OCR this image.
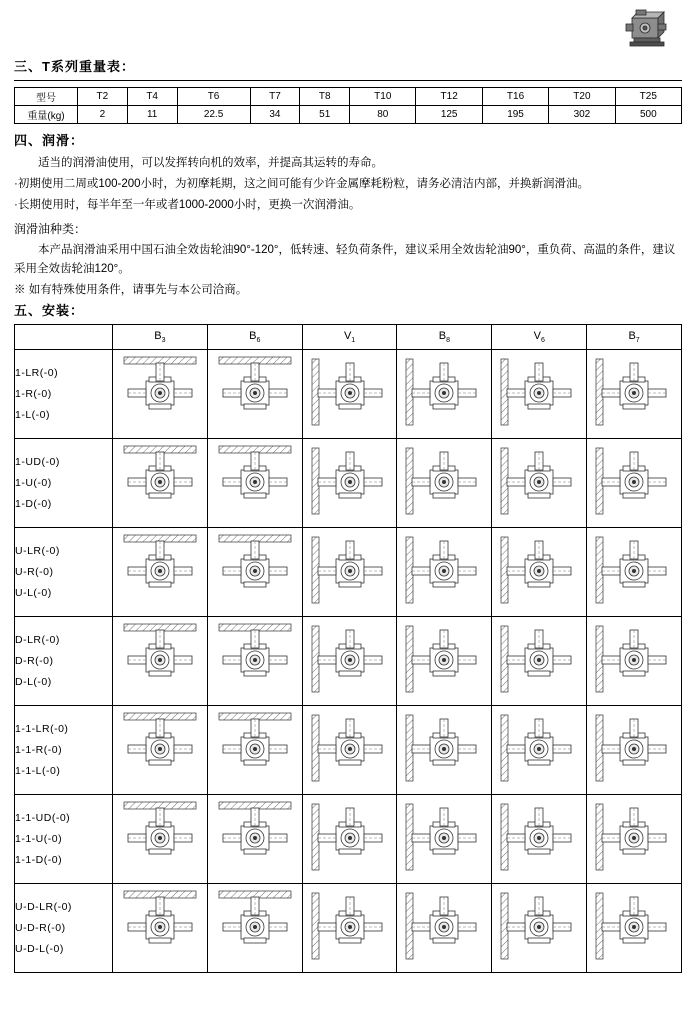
三、T系列重量表：
型号	T2	T4	T6	T7	T8	T10	T12	T16	T20	T25
重量(kg)	2	11	22.5	34	51	80	125	195	302	500
四、润滑：
适当的润滑油使用，可以发挥转向机的效率，并提高其运转的寿命。
·初期使用二周或100-200小时，为初摩耗期，这之间可能有少许金属摩耗粉粒，请务必清洁内部，并换新润滑油。
·长期使用时，每半年至一年或者1000-2000小时，更换一次润滑油。
润滑油种类：
本产品润滑油采用中国石油全效齿轮油90°-120°，低转速、轻负荷条件，建议采用全效齿轮油90°，重负荷、高温的条件，建议采用全效齿轮油120°。
※ 如有特殊使用条件，请事先与本公司洽商。
五、安装：
	$B_3$	$B_6$	$V_1$	$B_8$	$V_6$	$B_7$

1-LR(-0)
1-R(-0)
1-L(-0)

1-UD(-0)
1-U(-0)
1-D(-0)

U-LR(-0)
U-R(-0)
U-L(-0)

D-LR(-0)
D-R(-0)
D-L(-0)

1-1-LR(-0)
1-1-R(-0)
1-1-L(-0)

1-1-UD(-0)
1-1-U(-0)
1-1-D(-0)

U-D-LR(-0)
U-D-R(-0)
U-D-L(-0)
